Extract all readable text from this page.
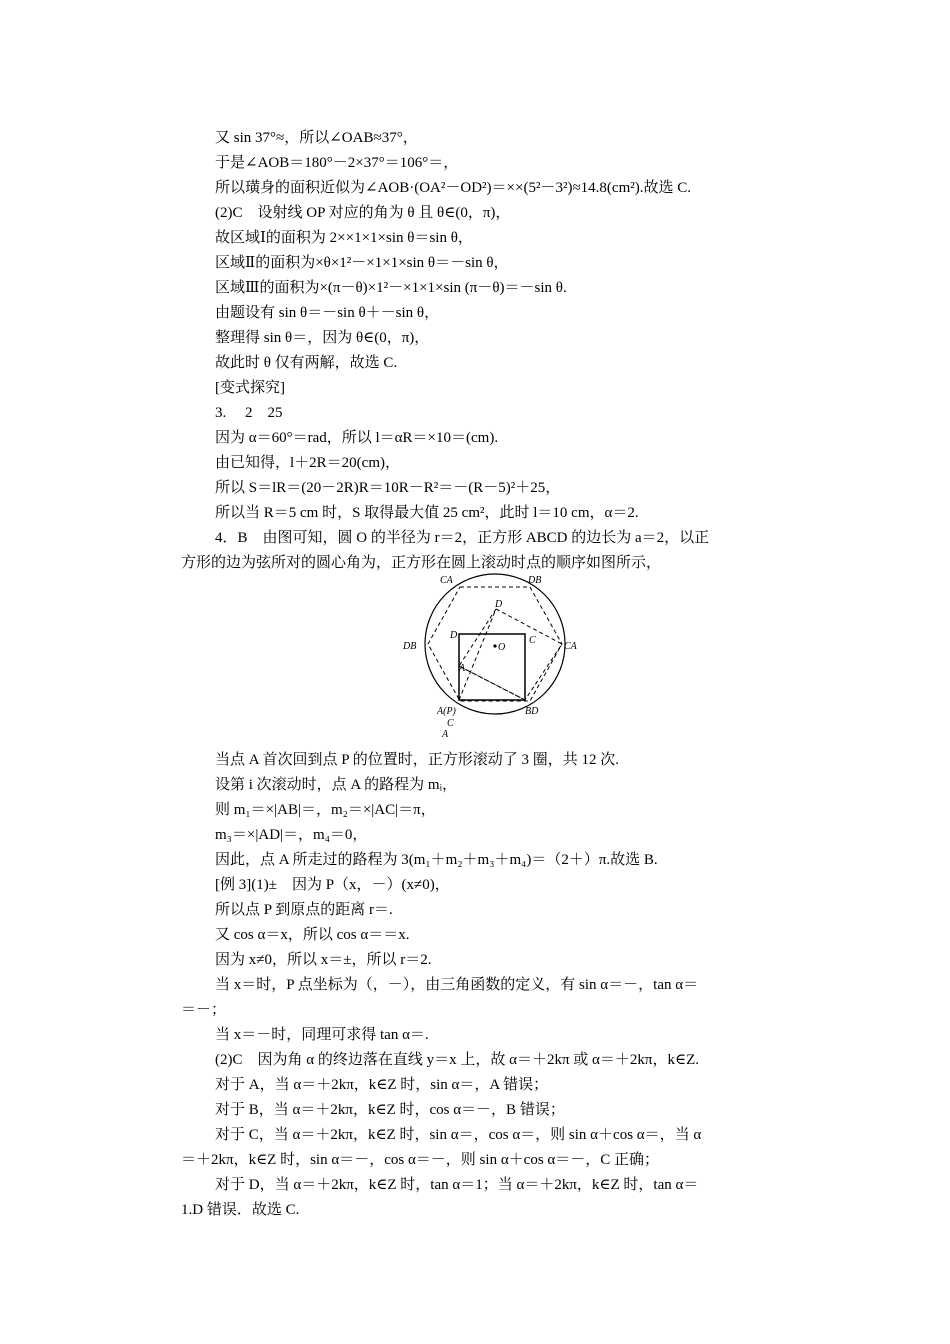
又 sin 37°≈，所以∠OAB≈37°，
于是∠AOB＝180°－2×37°＝106°＝，
所以璜身的面积近似为∠AOB·(OA²－OD²)＝××(5²－3²)≈14.8(cm²).故选 C.
(2)C　设射线 OP 对应的角为 θ 且 θ∈(0，π)，
故区域Ⅰ的面积为 2××1×1×sin θ＝sin θ，
区域Ⅱ的面积为×θ×1²－×1×1×sin θ＝－sin θ，
区域Ⅲ的面积为×(π－θ)×1²－×1×1×sin (π－θ)＝－sin θ.
由题设有 sin θ＝－sin θ＋－sin θ，
整理得 sin θ＝，因为 θ∈(0，π)，
故此时 θ 仅有两解，故选 C.
[变式探究]
3.　 2　25
因为 α＝60°＝rad，所以 l＝αR＝×10＝(cm).
由已知得，l＋2R＝20(cm)，
所以 S＝lR＝(20－2R)R＝10R－R²＝－(R－5)²＋25，
所以当 R＝5 cm 时，S 取得最大值 25 cm²，此时 l＝10 cm，α＝2.
4．B　由图可知，圆 O 的半径为 r＝2，正方形 ABCD 的边长为 a＝2，以正
方形的边为弦所对的圆心角为，正方形在圆上滚动时点的顺序如图所示，
CA	DB
DB	CA
D	C
O
A
D
A(P)
C
A
BD
当点 A 首次回到点 P 的位置时，正方形滚动了 3 圈，共 12 次.
设第 i 次滚动时，点 A 的路程为 mᵢ，
则 m₁＝×|AB|＝，m₂＝×|AC|＝π，
m₃＝×|AD|＝，m₄＝0，
因此，点 A 所走过的路程为 3(m₁＋m₂＋m₃＋m₄)＝（2＋）π.故选 B.
[例 3](1)±　因为 P（x，－）(x≠0)，
所以点 P 到原点的距离 r＝.
又 cos α＝x，所以 cos α＝＝x.
因为 x≠0，所以 x＝±，所以 r＝2.
当 x＝时，P 点坐标为（，－），由三角函数的定义，有 sin α＝－，tan α＝
＝－；
当 x＝－时，同理可求得 tan α＝.
(2)C　因为角 α 的终边落在直线 y＝x 上，故 α＝＋2kπ 或 α＝＋2kπ，k∈Z.
对于 A，当 α＝＋2kπ，k∈Z 时，sin α＝，A 错误；
对于 B，当 α＝＋2kπ，k∈Z 时，cos α＝－，B 错误；
对于 C，当 α＝＋2kπ，k∈Z 时，sin α＝，cos α＝，则 sin α＋cos α＝，当 α
＝＋2kπ，k∈Z 时，sin α＝－，cos α＝－，则 sin α＋cos α＝－，C 正确；
对于 D，当 α＝＋2kπ，k∈Z 时，tan α＝1；当 α＝＋2kπ，k∈Z 时，tan α＝
1.D 错误．故选 C.
